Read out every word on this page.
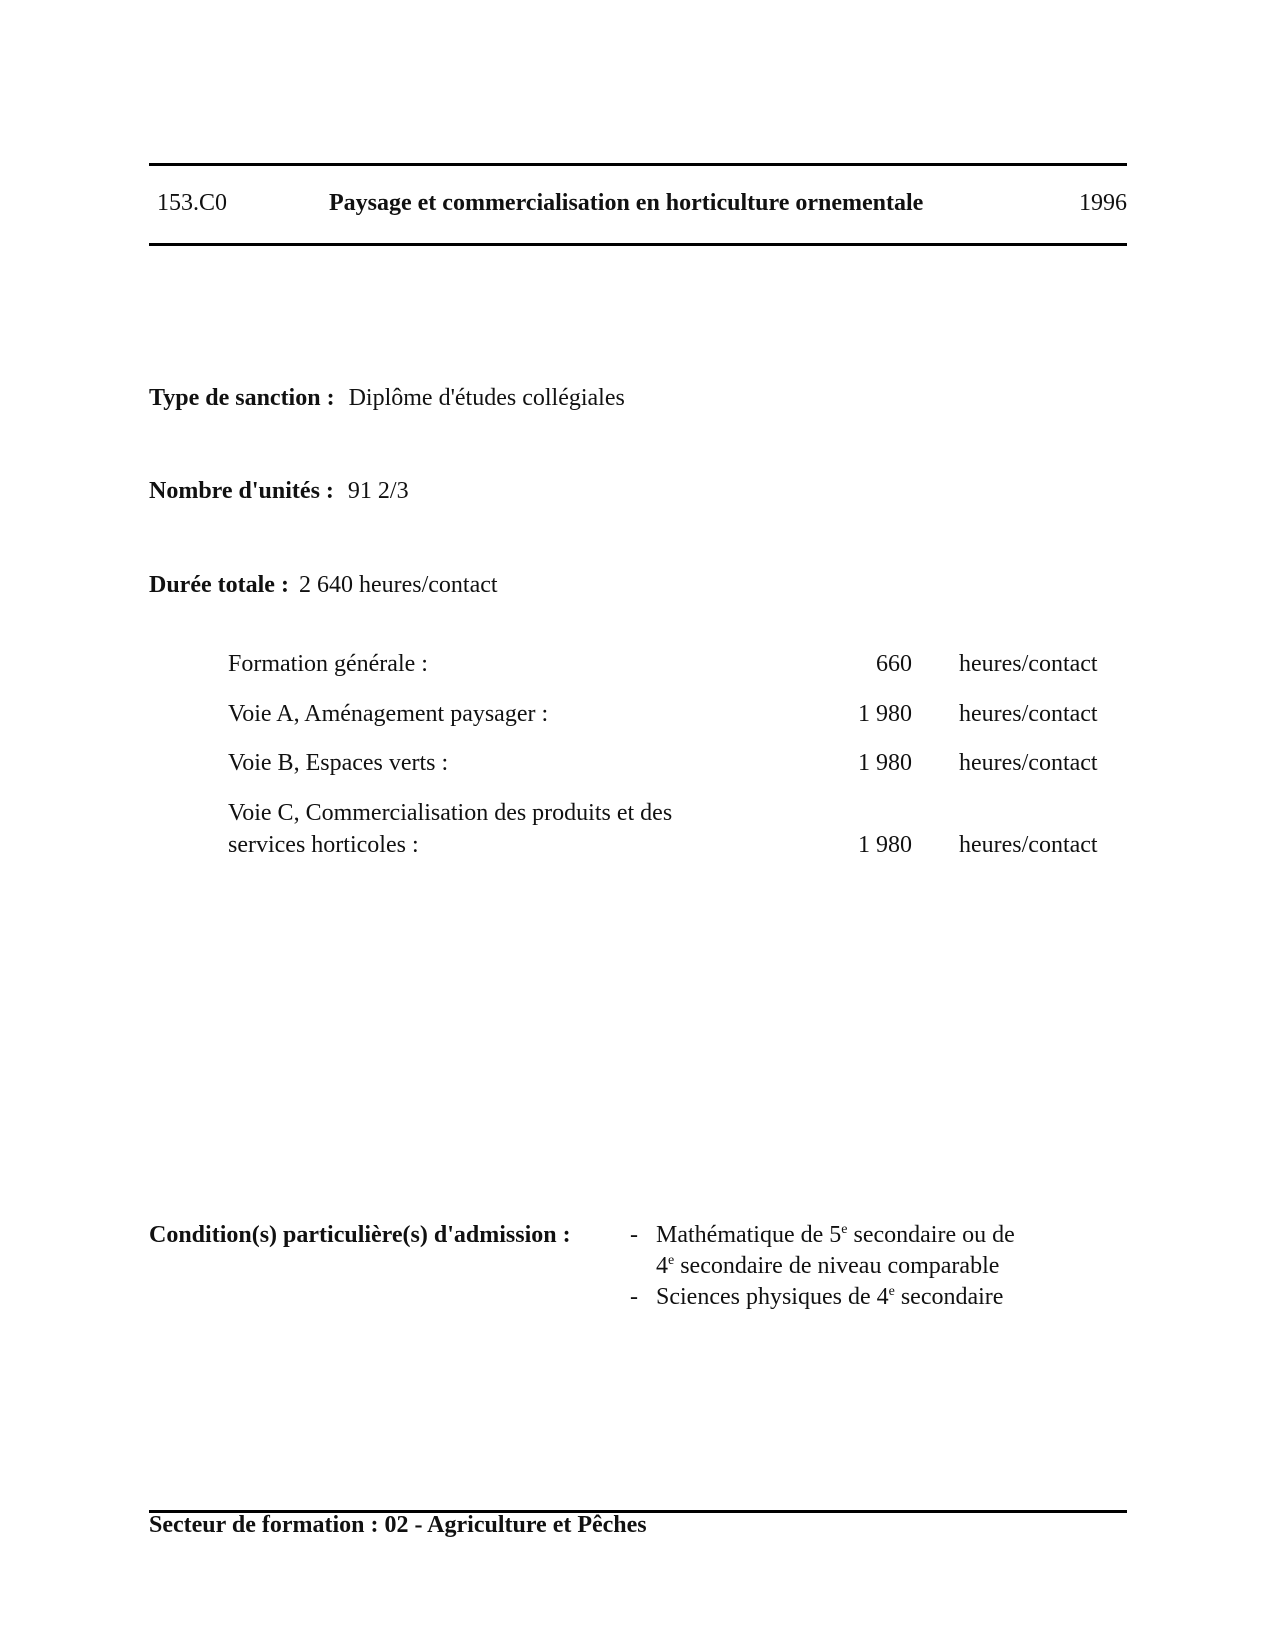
153.C0	Paysage et commercialisation en horticulture ornementale	1996
Type de sanction : Diplôme d'études collégiales
Nombre d'unités : 91 2/3
Durée totale : 2 640 heures/contact
Formation générale :	660 heures/contact
Voie A, Aménagement paysager :	1 980 heures/contact
Voie B, Espaces verts :	1 980 heures/contact
Voie C, Commercialisation des produits et des
services horticoles :	1 980 heures/contact
Condition(s) particulière(s) d'admission : - Mathématique de 5e secondaire ou de
4e secondaire de niveau comparable
- Sciences physiques de 4e secondaire
Secteur de formation : 02 - Agriculture et Pêches
